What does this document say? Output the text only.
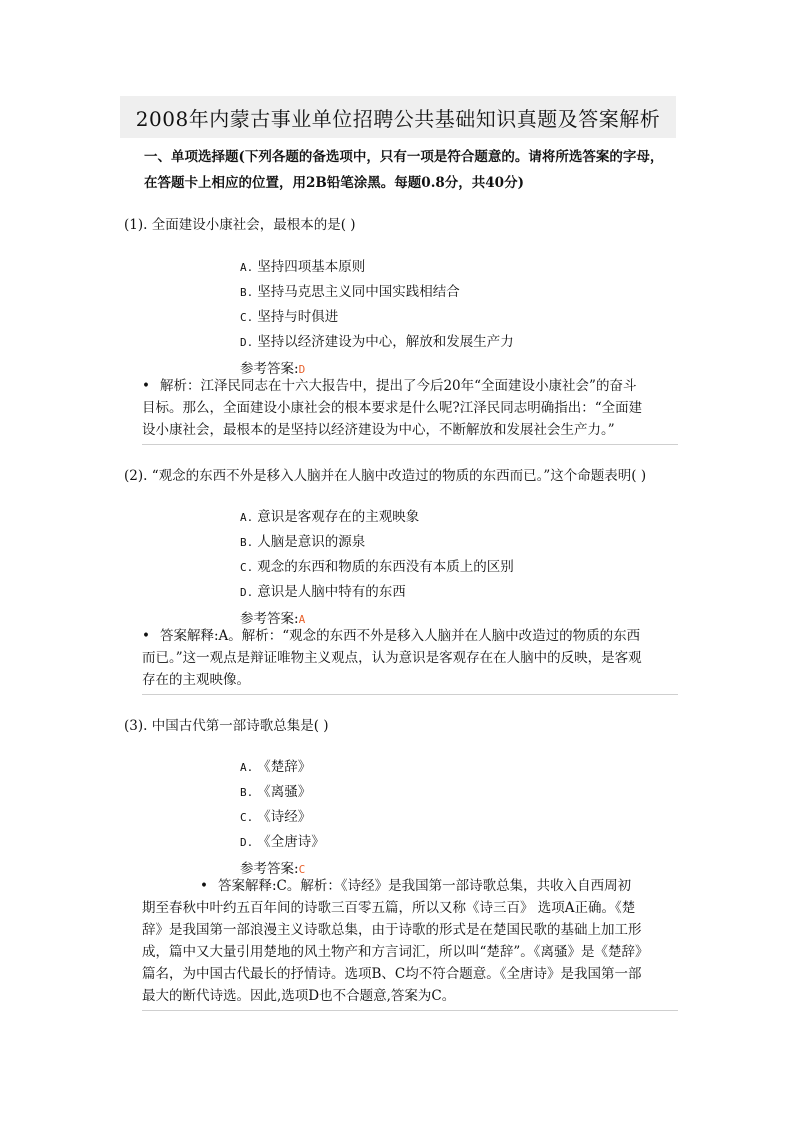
2008年内蒙古事业单位招聘公共基础知识真题及答案解析
一、单项选择题(下列各题的备选项中，只有一项是符合题意的。请将所选答案的字母，
在答题卡上相应的位置，用2B铅笔涂黑。每题0.8分，共40分)
(1). 全面建设小康社会，最根本的是( )
A. 坚持四项基本原则
B. 坚持马克思主义同中国实践相结合
C. 坚持与时俱进
D. 坚持以经济建设为中心，解放和发展生产力
参考答案:D
• 解析：江泽民同志在十六大报告中，提出了今后20年“全面建设小康社会”的奋斗
目标。那么，全面建设小康社会的根本要求是什么呢?江泽民同志明确指出：“全面建
设小康社会，最根本的是坚持以经济建设为中心，不断解放和发展社会生产力。”
(2). “观念的东西不外是移入人脑并在人脑中改造过的物质的东西而已。”这个命题表明( )
A. 意识是客观存在的主观映象
B. 人脑是意识的源泉
C. 观念的东西和物质的东西没有本质上的区别
D. 意识是人脑中特有的东西
参考答案:A
• 答案解释:A。解析：“观念的东西不外是移入人脑并在人脑中改造过的物质的东西
而已。”这一观点是辩证唯物主义观点，认为意识是客观存在在人脑中的反映，是客观
存在的主观映像。
(3). 中国古代第一部诗歌总集是( )
A. 《楚辞》
B. 《离骚》
C. 《诗经》
D. 《全唐诗》
参考答案:C
• 答案解释:C。解析：《诗经》是我国第一部诗歌总集，共收入自西周初
期至春秋中叶约五百年间的诗歌三百零五篇，所以又称《诗三百》 选项A正确。《楚
辞》是我国第一部浪漫主义诗歌总集，由于诗歌的形式是在楚国民歌的基础上加工形
成，篇中又大量引用楚地的风土物产和方言词汇，所以叫“楚辞”。《离骚》是《楚辞》
篇名，为中国古代最长的抒情诗。选项B、C均不符合题意。《全唐诗》是我国第一部
最大的断代诗选。因此,选项D也不合题意,答案为C。
